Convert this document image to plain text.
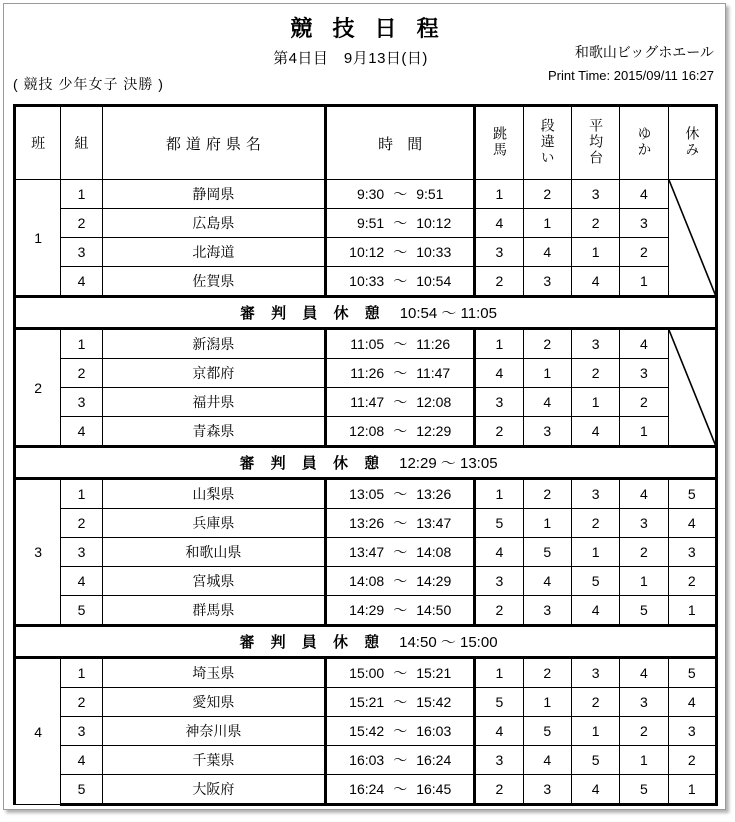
競 技 日 程
第4日目　9月13日(日)	和歌山ビッグホエール
Print Time: 2015/09/11 16:27
( 競技 少年女子 決勝 )
班	組	都道府県名	時 間	跳馬	段違い	平均台	ゆか	休み
1	1	静岡県	9:30 〜 9:51	1	2	3	4	

	2	広島県	9:51 〜 10:12	4	1	2	3	
	3	北海道	10:12 〜 10:33	3	4	1	2	
	4	佐賀県	10:33 〜 10:54	2	3	4	1	

審 判 員 休 憩 10:54 〜 11:05								

2	1	新潟県	11:05 〜 11:26	1	2	3	4	

	2	京都府	11:26 〜 11:47	4	1	2	3	
	3	福井県	11:47 〜 12:08	3	4	1	2	
	4	青森県	12:08 〜 12:29	2	3	4	1	

審 判 員 休 憩 12:29 〜 13:05								

3	1	山梨県	13:05 〜 13:26	1	2	3	4	5
	2	兵庫県	13:26 〜 13:47	5	1	2	3	4
	3	和歌山県	13:47 〜 14:08	4	5	1	2	3
	4	宮城県	14:08 〜 14:29	3	4	5	1	2
	5	群馬県	14:29 〜 14:50	2	3	4	5	1

審 判 員 休 憩 14:50 〜 15:00								

4	1	埼玉県	15:00 〜 15:21	1	2	3	4	5
	2	愛知県	15:21 〜 15:42	5	1	2	3	4
	3	神奈川県	15:42 〜 16:03	4	5	1	2	3
	4	千葉県	16:03 〜 16:24	3	4	5	1	2
	5	大阪府	16:24 〜 16:45	2	3	4	5	1
